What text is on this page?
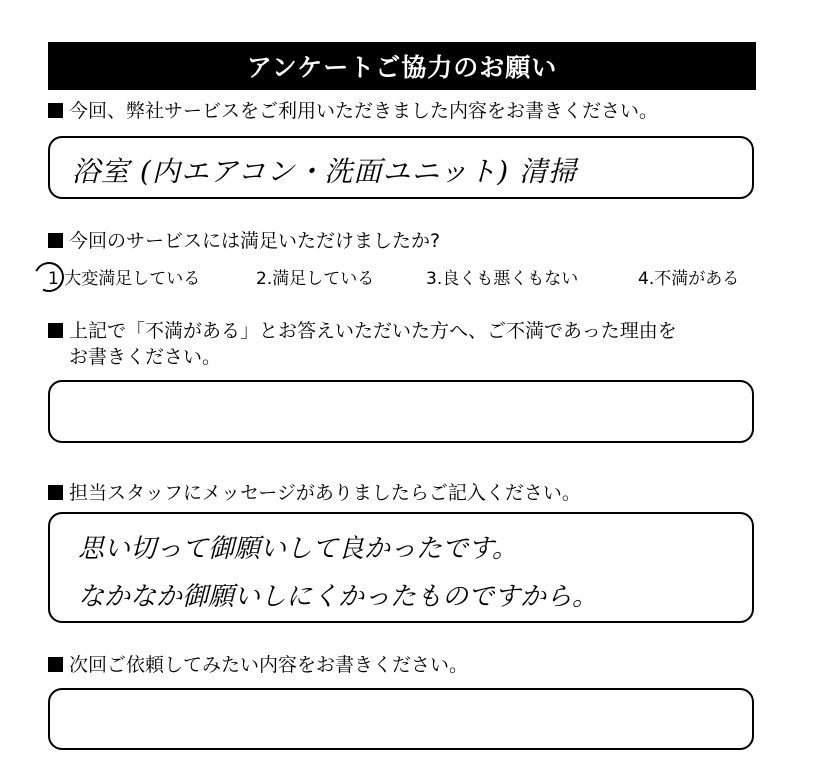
アンケートご協力のお願い
今回、弊社サービスをご利用いただきました内容をお書きください。
浴室 (内エアコン・洗面ユニット) 清掃
今回のサービスには満足いただけましたか?
1.大変満足している	2.満足している	3.良くも悪くもない	4.不満がある
上記で「不満がある」とお答えいただいた方へ、ご不満であった理由を
お書きください。
担当スタッフにメッセージがありましたらご記入ください。
思い切って御願いして良かったです。
なかなか御願いしにくかったものですから。
次回ご依頼してみたい内容をお書きください。
